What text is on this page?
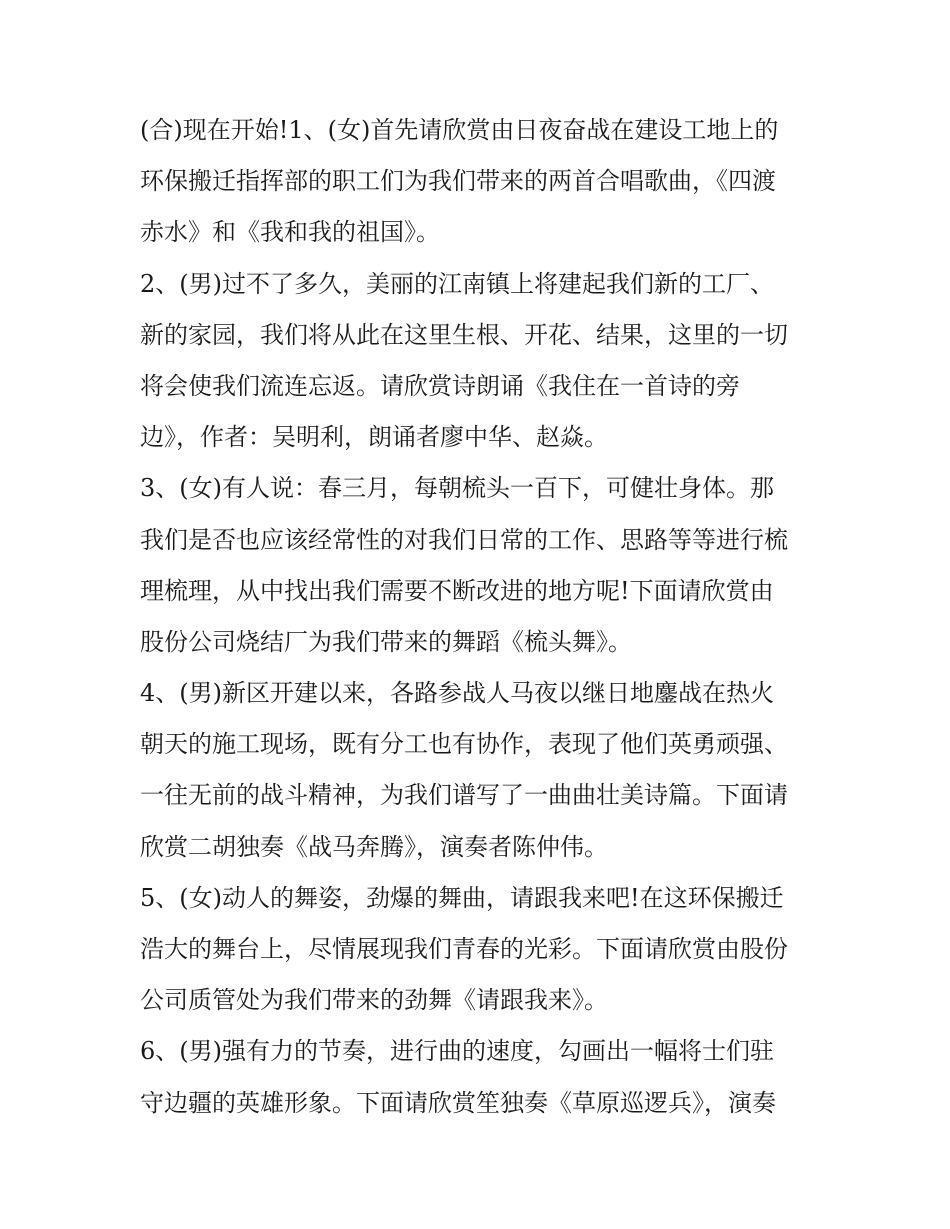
(合)现在开始!1、(女)首先请欣赏由日夜奋战在建设工地上的
环保搬迁指挥部的职工们为我们带来的两首合唱歌曲，《四渡
赤水》和《我和我的祖国》。
2、(男)过不了多久，美丽的江南镇上将建起我们新的工厂、
新的家园，我们将从此在这里生根、开花、结果，这里的一切
将会使我们流连忘返。请欣赏诗朗诵《我住在一首诗的旁
边》，作者：吴明利，朗诵者廖中华、赵焱。
3、(女)有人说：春三月，每朝梳头一百下，可健壮身体。那
我们是否也应该经常性的对我们日常的工作、思路等等进行梳
理梳理，从中找出我们需要不断改进的地方呢!下面请欣赏由
股份公司烧结厂为我们带来的舞蹈《梳头舞》。
4、(男)新区开建以来，各路参战人马夜以继日地鏖战在热火
朝天的施工现场，既有分工也有协作，表现了他们英勇顽强、
一往无前的战斗精神，为我们谱写了一曲曲壮美诗篇。下面请
欣赏二胡独奏《战马奔腾》，演奏者陈仲伟。
5、(女)动人的舞姿，劲爆的舞曲，请跟我来吧!在这环保搬迁
浩大的舞台上，尽情展现我们青春的光彩。下面请欣赏由股份
公司质管处为我们带来的劲舞《请跟我来》。
6、(男)强有力的节奏，进行曲的速度，勾画出一幅将士们驻
守边疆的英雄形象。下面请欣赏笙独奏《草原巡逻兵》，演奏
